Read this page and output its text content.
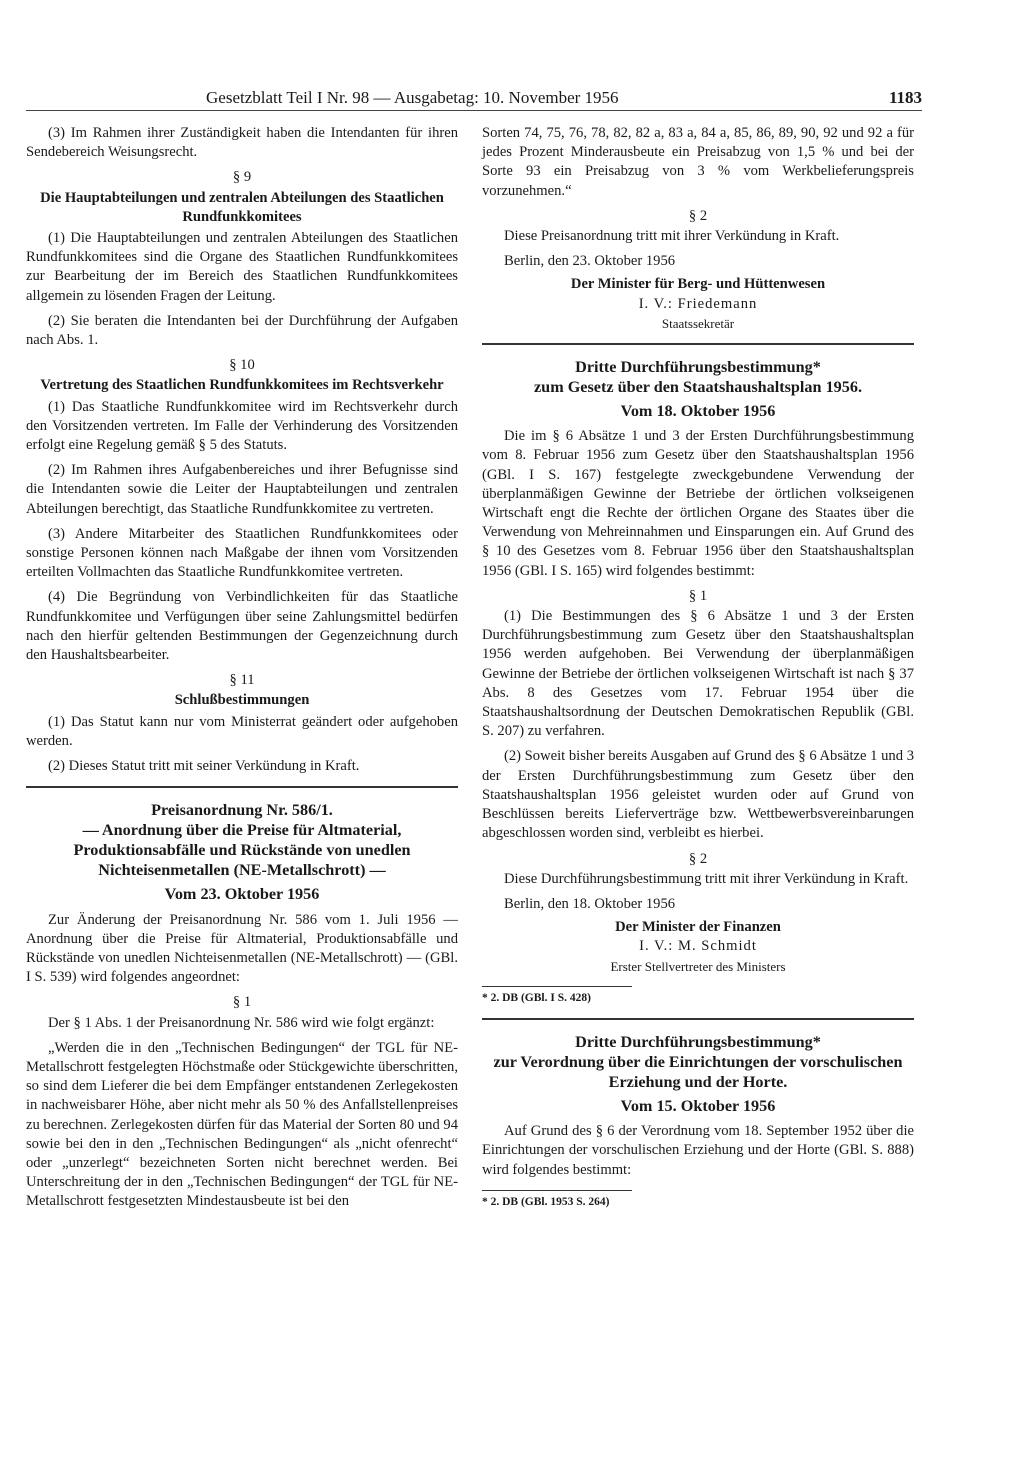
Gesetzblatt Teil I Nr. 98 — Ausgabetag: 10. November 1956	1183

(3) Im Rahmen ihrer Zuständigkeit haben die Intendanten für ihren Sendebereich Weisungsrecht.

§ 9
Die Hauptabteilungen und zentralen Abteilungen des Staatlichen Rundfunkkomitees

(1) Die Hauptabteilungen und zentralen Abteilungen des Staatlichen Rundfunkkomitees sind die Organe des Staatlichen Rundfunkkomitees zur Bearbeitung der im Bereich des Staatlichen Rundfunkkomitees allgemein zu lösenden Fragen der Leitung.

(2) Sie beraten die Intendanten bei der Durchführung der Aufgaben nach Abs. 1.

§ 10
Vertretung des Staatlichen Rundfunkkomitees im Rechtsverkehr

(1) Das Staatliche Rundfunkkomitee wird im Rechtsverkehr durch den Vorsitzenden vertreten. Im Falle der Verhinderung des Vorsitzenden erfolgt eine Regelung gemäß § 5 des Statuts.

(2) Im Rahmen ihres Aufgabenbereiches und ihrer Befugnisse sind die Intendanten sowie die Leiter der Hauptabteilungen und zentralen Abteilungen berechtigt, das Staatliche Rundfunkkomitee zu vertreten.

(3) Andere Mitarbeiter des Staatlichen Rundfunkkomitees oder sonstige Personen können nach Maßgabe der ihnen vom Vorsitzenden erteilten Vollmachten das Staatliche Rundfunkkomitee vertreten.

(4) Die Begründung von Verbindlichkeiten für das Staatliche Rundfunkkomitee und Verfügungen über seine Zahlungsmittel bedürfen nach den hierfür geltenden Bestimmungen der Gegenzeichnung durch den Haushaltsbearbeiter.

§ 11
Schlußbestimmungen

(1) Das Statut kann nur vom Ministerrat geändert oder aufgehoben werden.

(2) Dieses Statut tritt mit seiner Verkündung in Kraft.

Preisanordnung Nr. 586/1.
— Anordnung über die Preise für Altmaterial, Produktionsabfälle und Rückstände von unedlen Nichteisenmetallen (NE-Metallschrott) —
Vom 23. Oktober 1956

Zur Änderung der Preisanordnung Nr. 586 vom 1. Juli 1956 — Anordnung über die Preise für Altmaterial, Produktionsabfälle und Rückstände von unedlen Nichteisenmetallen (NE-Metallschrott) — (GBl. I S. 539) wird folgendes angeordnet:

§ 1

Der § 1 Abs. 1 der Preisanordnung Nr. 586 wird wie folgt ergänzt:

„Werden die in den „Technischen Bedingungen“ der TGL für NE-Metallschrott festgelegten Höchstmaße oder Stückgewichte überschritten, so sind dem Lieferer die bei dem Empfänger entstandenen Zerlegekosten in nachweisbarer Höhe, aber nicht mehr als 50 % des Anfallstellenpreises zu berechnen. Zerlegekosten dürfen für das Material der Sorten 80 und 94 sowie bei den in den „Technischen Bedingungen“ als „nicht ofenrecht“ oder „unzerlegt“ bezeichneten Sorten nicht berechnet werden. Bei Unterschreitung der in den „Technischen Bedingungen“ der TGL für NE-Metallschrott festgesetzten Mindestausbeute ist bei den

Sorten 74, 75, 76, 78, 82, 82 a, 83 a, 84 a, 85, 86, 89, 90, 92 und 92 a für jedes Prozent Minderausbeute ein Preisabzug von 1,5 % und bei der Sorte 93 ein Preisabzug von 3 % vom Werkbelieferungspreis vorzunehmen.“

§ 2

Diese Preisanordnung tritt mit ihrer Verkündung in Kraft.

Berlin, den 23. Oktober 1956
Der Minister für Berg- und Hüttenwesen
I. V.: Friedemann
Staatssekretär
Dritte Durchführungsbestimmung*
zum Gesetz über den Staatshaushaltsplan 1956.
Vom 18. Oktober 1956

Die im § 6 Absätze 1 und 3 der Ersten Durchführungsbestimmung vom 8. Februar 1956 zum Gesetz über den Staatshaushaltsplan 1956 (GBl. I S. 167) festgelegte zweckgebundene Verwendung der überplanmäßigen Gewinne der Betriebe der örtlichen volkseigenen Wirtschaft engt die Rechte der örtlichen Organe des Staates über die Verwendung von Mehreinnahmen und Einsparungen ein. Auf Grund des § 10 des Gesetzes vom 8. Februar 1956 über den Staatshaushaltsplan 1956 (GBl. I S. 165) wird folgendes bestimmt:

§ 1

(1) Die Bestimmungen des § 6 Absätze 1 und 3 der Ersten Durchführungsbestimmung zum Gesetz über den Staatshaushaltsplan 1956 werden aufgehoben. Bei Verwendung der überplanmäßigen Gewinne der Betriebe der örtlichen volkseigenen Wirtschaft ist nach § 37 Abs. 8 des Gesetzes vom 17. Februar 1954 über die Staatshaushaltsordnung der Deutschen Demokratischen Republik (GBl. S. 207) zu verfahren.

(2) Soweit bisher bereits Ausgaben auf Grund des § 6 Absätze 1 und 3 der Ersten Durchführungsbestimmung zum Gesetz über den Staatshaushaltsplan 1956 geleistet wurden oder auf Grund von Beschlüssen bereits Lieferverträge bzw. Wettbewerbsvereinbarungen abgeschlossen worden sind, verbleibt es hierbei.

§ 2

Diese Durchführungsbestimmung tritt mit ihrer Verkündung in Kraft.

Berlin, den 18. Oktober 1956
Der Minister der Finanzen
I. V.: M. Schmidt
Erster Stellvertreter des Ministers
* 2. DB (GBl. I S. 428)
Dritte Durchführungsbestimmung*
zur Verordnung über die Einrichtungen der vorschulischen Erziehung und der Horte.
Vom 15. Oktober 1956

Auf Grund des § 6 der Verordnung vom 18. September 1952 über die Einrichtungen der vorschulischen Erziehung und der Horte (GBl. S. 888) wird folgendes bestimmt:

* 2. DB (GBl. 1953 S. 264)
